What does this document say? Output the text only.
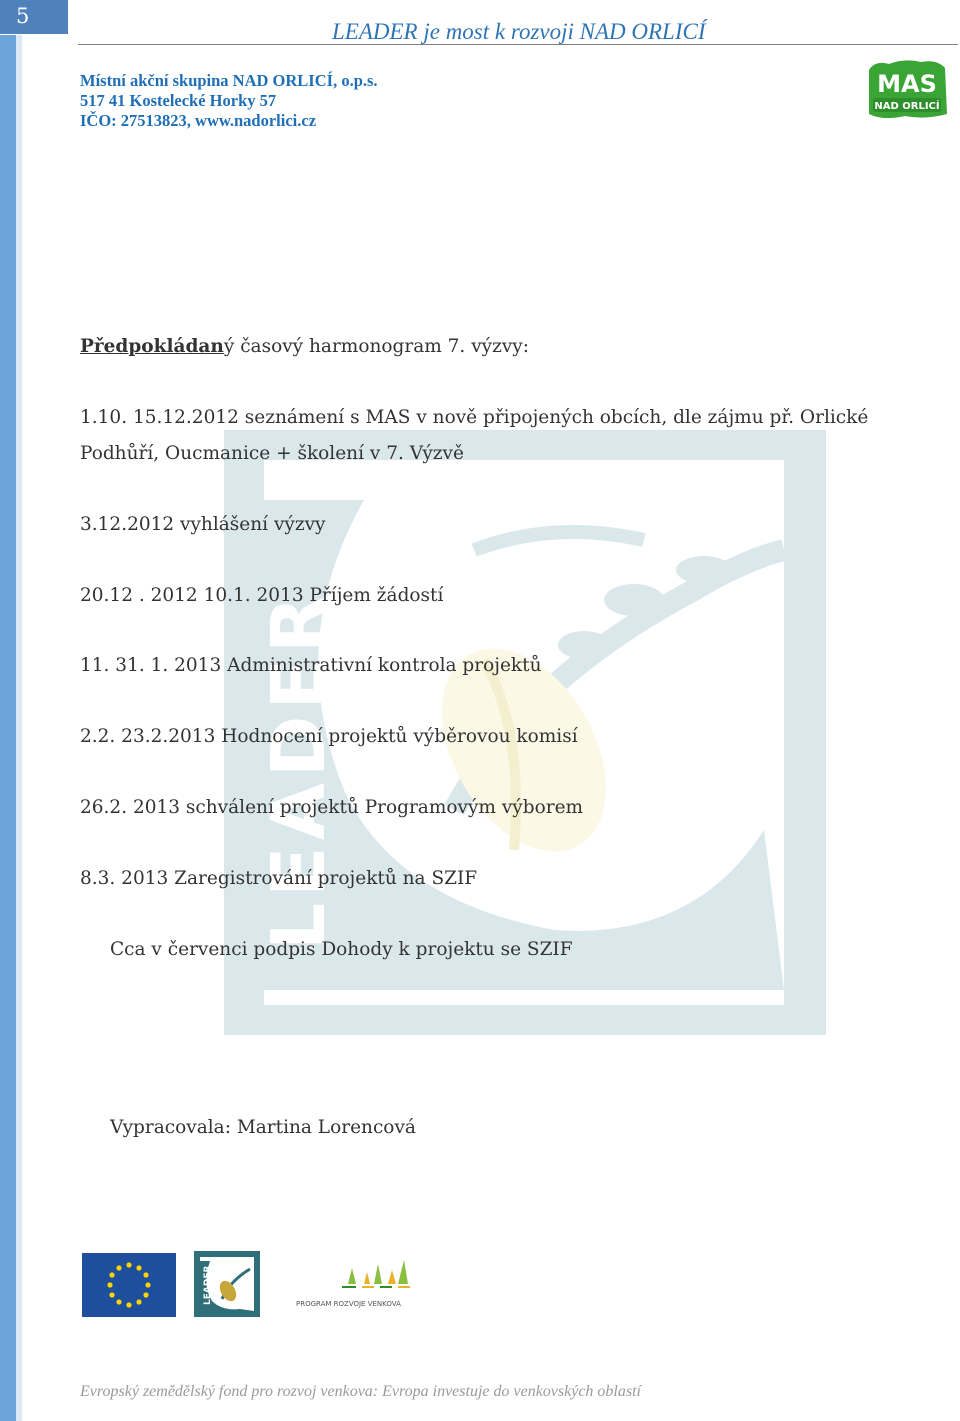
5
LEADER je most k rozvoji NAD ORLICÍ
Místní akční skupina NAD ORLICÍ, o.p.s.
517 41 Kostelecké Horky 57
IČO: 27513823, www.nadorlici.cz
MAS
NAD ORLICÍ
LEADER
Předpokládaný časový harmonogram 7. výzvy:
1.10. 15.12.2012 seznámení s MAS v nově připojených obcích, dle zájmu př. Orlické
Podhůří, Oucmanice + školení v 7. Výzvě
3.12.2012 vyhlášení výzvy
20.12 . 2012 10.1. 2013 Příjem žádostí
11. 31. 1. 2013 Administrativní kontrola projektů
2.2. 23.2.2013 Hodnocení projektů výběrovou komisí
26.2. 2013 schválení projektů Programovým výborem
8.3. 2013 Zaregistrování projektů na SZIF
Cca v červenci podpis Dohody k projektu se SZIF
Vypracovala: Martina Lorencová
LEADER	PROGRAM ROZVOJE VENKOVA
Evropský zemědělský fond pro rozvoj venkova: Evropa investuje do venkovských oblastí
